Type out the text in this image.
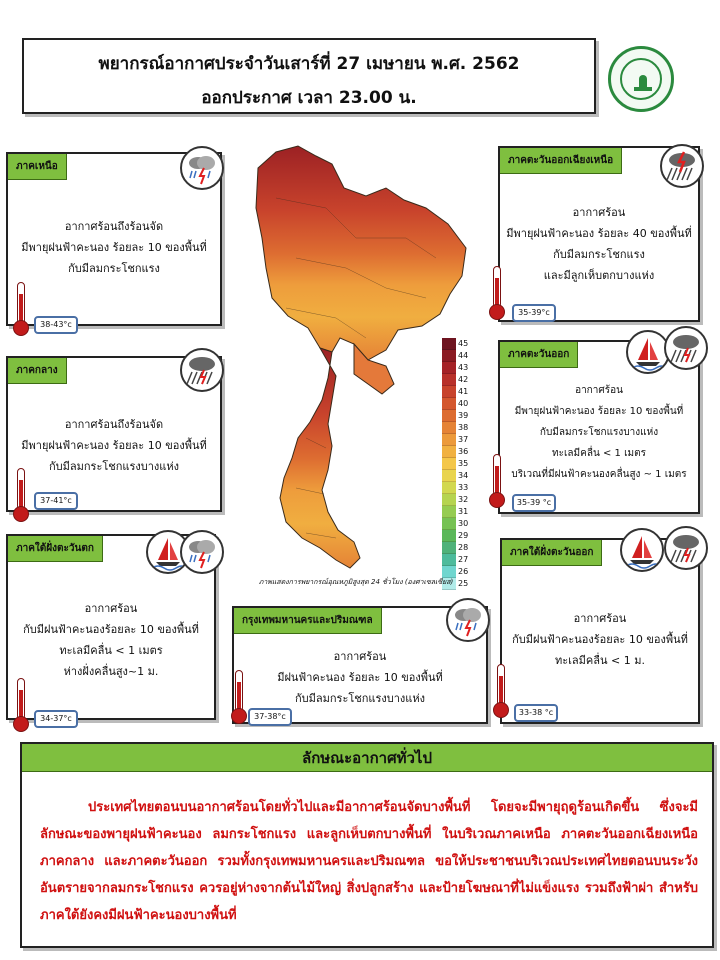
พยากรณ์อากาศประจำวันเสาร์ที่ 27 เมษายน พ.ศ. 2562
ออกประกาศ เวลา 23.00 น.
45
44
43
42
41
40
39
38
37
36
35
34
33
32
31
30
29
28
27
26
25
ภาพแสดงการพยากรณ์อุณหภูมิสูงสุด 24 ชั่วโมง (องศาเซลเซียส)
ภาคเหนือ
อากาศร้อนถึงร้อนจัด
มีพายุฝนฟ้าคะนอง ร้อยละ 10 ของพื้นที่
กับมีลมกระโชกแรง
38-43°c
ภาคกลาง
อากาศร้อนถึงร้อนจัด
มีพายุฝนฟ้าคะนอง ร้อยละ 10 ของพื้นที่
กับมีลมกระโชกแรงบางแห่ง
37-41°c
ภาคใต้ฝั่งตะวันตก
อากาศร้อน
กับมีฝนฟ้าคะนองร้อยละ 10 ของพื้นที่
ทะเลมีคลื่น < 1 เมตร
ห่างฝั่งคลื่นสูง~1 ม.
34-37°c
กรุงเทพมหานครและปริมณฑล
อากาศร้อน
มีฝนฟ้าคะนอง ร้อยละ 10 ของพื้นที่
กับมีลมกระโชกแรงบางแห่ง
37-38°c
ภาคตะวันออกเฉียงเหนือ
อากาศร้อน
มีพายุฝนฟ้าคะนอง ร้อยละ 40 ของพื้นที่
กับมีลมกระโชกแรง
และมีลูกเห็บตกบางแห่ง
35-39°c
ภาคตะวันออก
อากาศร้อน
มีพายุฝนฟ้าคะนอง ร้อยละ 10 ของพื้นที่
กับมีลมกระโชกแรงบางแห่ง
ทะเลมีคลื่น < 1 เมตร
บริเวณที่มีฝนฟ้าคะนองคลื่นสูง ~ 1 เมตร
35-39 °c
ภาคใต้ฝั่งตะวันออก
อากาศร้อน
กับมีฝนฟ้าคะนองร้อยละ 10 ของพื้นที่
ทะเลมีคลื่น < 1 ม.
33-38 °c
ลักษณะอากาศทั่วไป
ประเทศไทยตอนบนอากาศร้อนโดยทั่วไปและมีอากาศร้อนจัดบางพื้นที่ โดยจะมีพายุฤดูร้อนเกิดขึ้น ซึ่งจะมีลักษณะของพายุฝนฟ้าคะนอง ลมกระโชกแรง และลูกเห็บตกบางพื้นที่ ในบริเวณภาคเหนือ ภาคตะวันออกเฉียงเหนือ ภาคกลาง และภาคตะวันออก รวมทั้งกรุงเทพมหานครและปริมณฑล ขอให้ประชาชนบริเวณประเทศไทยตอนบนระวังอันตรายจากลมกระโชกแรง ควรอยู่ห่างจากต้นไม้ใหญ่ สิ่งปลูกสร้าง และป้ายโฆษณาที่ไม่แข็งแรง รวมถึงฟ้าผ่า สำหรับภาคใต้ยังคงมีฝนฟ้าคะนองบางพื้นที่
